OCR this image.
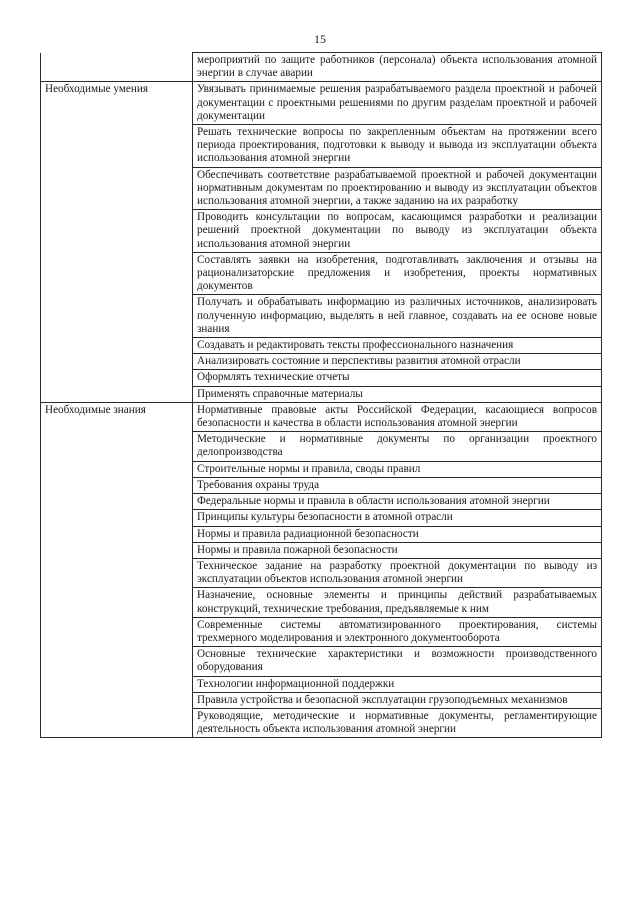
15

	мероприятий по защите работников (персонала) объекта использования атомной энергии в случае аварии

Необходимые умения	Увязывать принимаемые решения разрабатываемого раздела проектной и рабочей документации с проектными решениями по другим разделам проектной и рабочей документации

	Решать технические вопросы по закрепленным объектам на протяжении всего периода проектирования, подготовки к выводу и вывода из эксплуатации объекта использования атомной энергии

	Обеспечивать соответствие разрабатываемой проектной и рабочей документации нормативным документам по проектированию и выводу из эксплуатации объектов использования атомной энергии, а также заданию на их разработку

	Проводить консультации по вопросам, касающимся разработки и реализации решений проектной документации по выводу из эксплуатации объекта использования атомной энергии

	Составлять заявки на изобретения, подготавливать заключения и отзывы на рационализаторские предложения и изобретения, проекты нормативных документов

	Получать и обрабатывать информацию из различных источников, анализировать полученную информацию, выделять в ней главное, создавать на ее основе новые знания

	Создавать и редактировать тексты профессионального назначения

	Анализировать состояние и перспективы развития атомной отрасли

	Оформлять технические отчеты

	Применять справочные материалы

Необходимые знания	Нормативные правовые акты Российской Федерации, касающиеся вопросов безопасности и качества в области использования атомной энергии

	Методические и нормативные документы по организации проектного делопроизводства

	Строительные нормы и правила, своды правил

	Требования охраны труда

	Федеральные нормы и правила в области использования атомной энергии

	Принципы культуры безопасности в атомной отрасли

	Нормы и правила радиационной безопасности

	Нормы и правила пожарной безопасности

	Техническое задание на разработку проектной документации по выводу из эксплуатации объектов использования атомной энергии

	Назначение, основные элементы и принципы действий разрабатываемых конструкций, технические требования, предъявляемые к ним

	Современные системы автоматизированного проектирования, системы трехмерного моделирования и электронного документооборота

	Основные технические характеристики и возможности производственного оборудования

	Технологии информационной поддержки

	Правила устройства и безопасной эксплуатации грузоподъемных механизмов

	Руководящие, методические и нормативные документы, регламентирующие деятельность объекта использования атомной энергии
